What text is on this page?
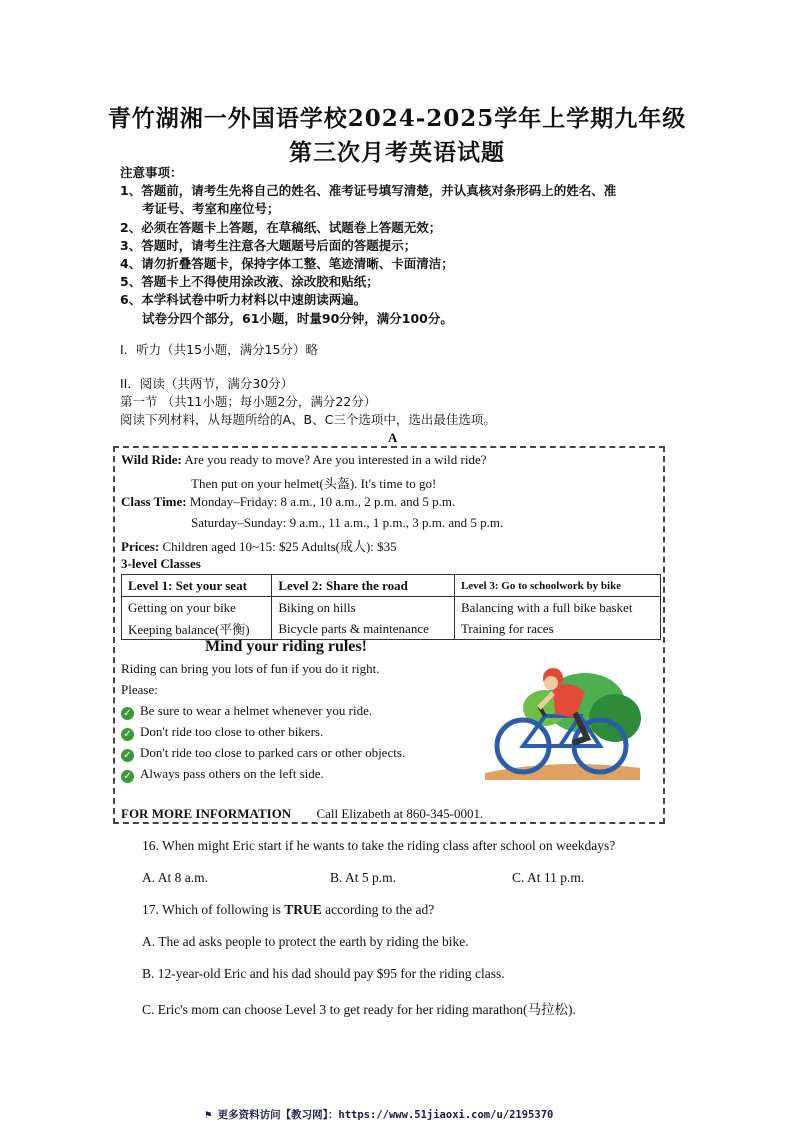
青竹湖湘一外国语学校2024-2025学年上学期九年级
第三次月考英语试题
注意事项：
1、答题前，请考生先将自己的姓名、准考证号填写清楚，并认真核对条形码上的姓名、准
考证号、考室和座位号；
2、必须在答题卡上答题，在草稿纸、试题卷上答题无效；
3、答题时，请考生注意各大题题号后面的答题提示；
4、请勿折叠答题卡，保持字体工整、笔迹清晰、卡面清洁；
5、答题卡上不得使用涂改液、涂改胶和贴纸；
6、本学科试卷中听力材料以中速朗读两遍。
试卷分四个部分，61小题，时量90分钟，满分100分。
I．听力（共15小题，满分15分）略
II．阅读（共两节，满分30分）
第一节 （共11小题；每小题2分，满分22分）
阅读下列材料，从每题所给的A、B、C三个选项中，选出最佳选项。
A
Wild Ride: Are you ready to move? Are you interested in a wild ride?
Then put on your helmet(头盔). It's time to go!
Class Time: Monday–Friday: 8 a.m., 10 a.m., 2 p.m. and 5 p.m.
Saturday–Sunday: 9 a.m., 11 a.m., 1 p.m., 3 p.m. and 5 p.m.
Prices: Children aged 10~15: $25 Adults(成人): $35
3-level Classes
Level 1: Set your seat	Level 2: Share the road	Level 3: Go to schoolwork by bike
Getting on your bike	Biking on hills	Balancing with a full bike basket
Keeping balance(平衡)	Bicycle parts & maintenance	Training for races
Mind your riding rules!
Riding can bring you lots of fun if you do it right.
Please:
✓ Be sure to wear a helmet whenever you ride.
✓ Don't ride too close to other bikers.
✓ Don't ride too close to parked cars or other objects.
✓ Always pass others on the left side.
FOR MORE INFORMATION Call Elizabeth at 860-345-0001.
16. When might Eric start if he wants to take the riding class after school on weekdays?
A. At 8 a.m.	B. At 5 p.m.	C. At 11 p.m.
17. Which of following is TRUE according to the ad?
A. The ad asks people to protect the earth by riding the bike.
B. 12-year-old Eric and his dad should pay $95 for the riding class.
C. Eric's mom can choose Level 3 to get ready for her riding marathon(马拉松).
⚑ 更多资料访问【教习网】：https://www.51jiaoxi.com/u/2195370
